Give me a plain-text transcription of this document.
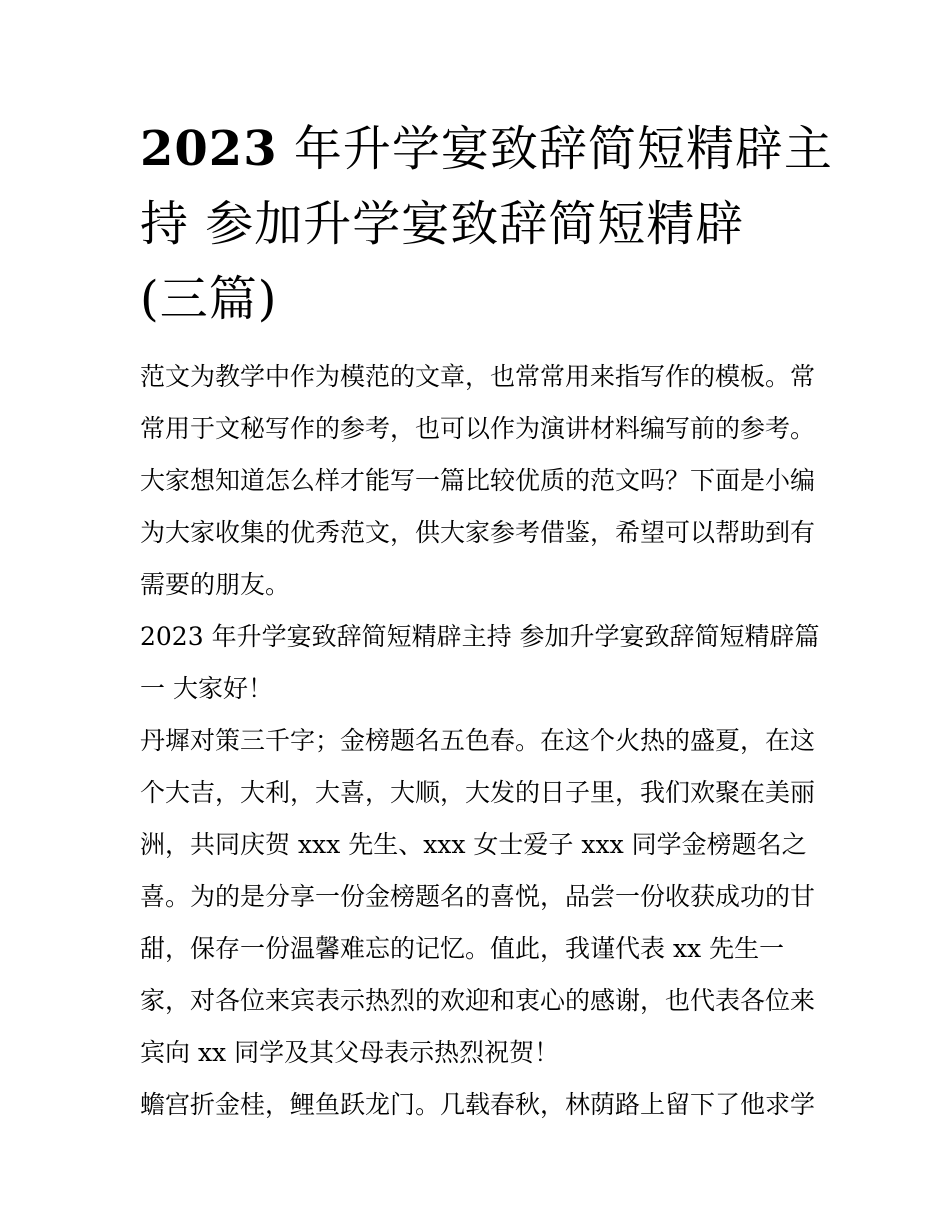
2023 年升学宴致辞简短精辟主
持 参加升学宴致辞简短精辟
(三篇)

范文为教学中作为模范的文章，也常常用来指写作的模板。常
常用于文秘写作的参考，也可以作为演讲材料编写前的参考。
大家想知道怎么样才能写一篇比较优质的范文吗？下面是小编
为大家收集的优秀范文，供大家参考借鉴，希望可以帮助到有
需要的朋友。

2023 年升学宴致辞简短精辟主持 参加升学宴致辞简短精辟篇
一 大家好！

丹墀对策三千字；金榜题名五色春。在这个火热的盛夏，在这
个大吉，大利，大喜，大顺，大发的日子里，我们欢聚在美丽
洲，共同庆贺 xxx 先生、xxx 女士爱子 xxx 同学金榜题名之
喜。为的是分享一份金榜题名的喜悦，品尝一份收获成功的甘
甜，保存一份温馨难忘的记忆。值此，我谨代表 xx 先生一
家，对各位来宾表示热烈的欢迎和衷心的感谢，也代表各位来
宾向 xx 同学及其父母表示热烈祝贺！

蟾宫折金桂，鲤鱼跃龙门。几载春秋，林荫路上留下了他求学
